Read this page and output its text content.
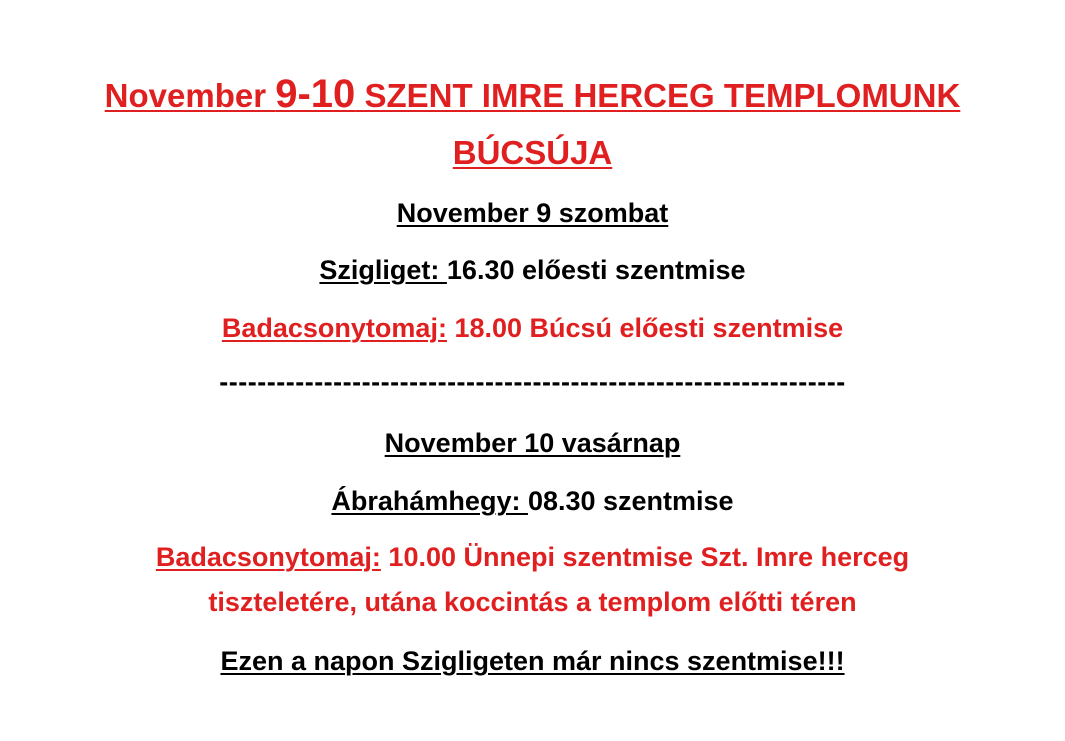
November 9-10 SZENT IMRE HERCEG TEMPLOMUNK
BÚCSÚJA
November 9 szombat
Szigliget: 16.30 előesti szentmise
Badacsonytomaj: 18.00 Búcsú előesti szentmise
------------------------------------------------------------------
November 10 vasárnap
Ábrahámhegy: 08.30 szentmise
Badacsonytomaj: 10.00 Ünnepi szentmise Szt. Imre herceg
tiszteletére, utána koccintás a templom előtti téren
Ezen a napon Szigligeten már nincs szentmise!!!
